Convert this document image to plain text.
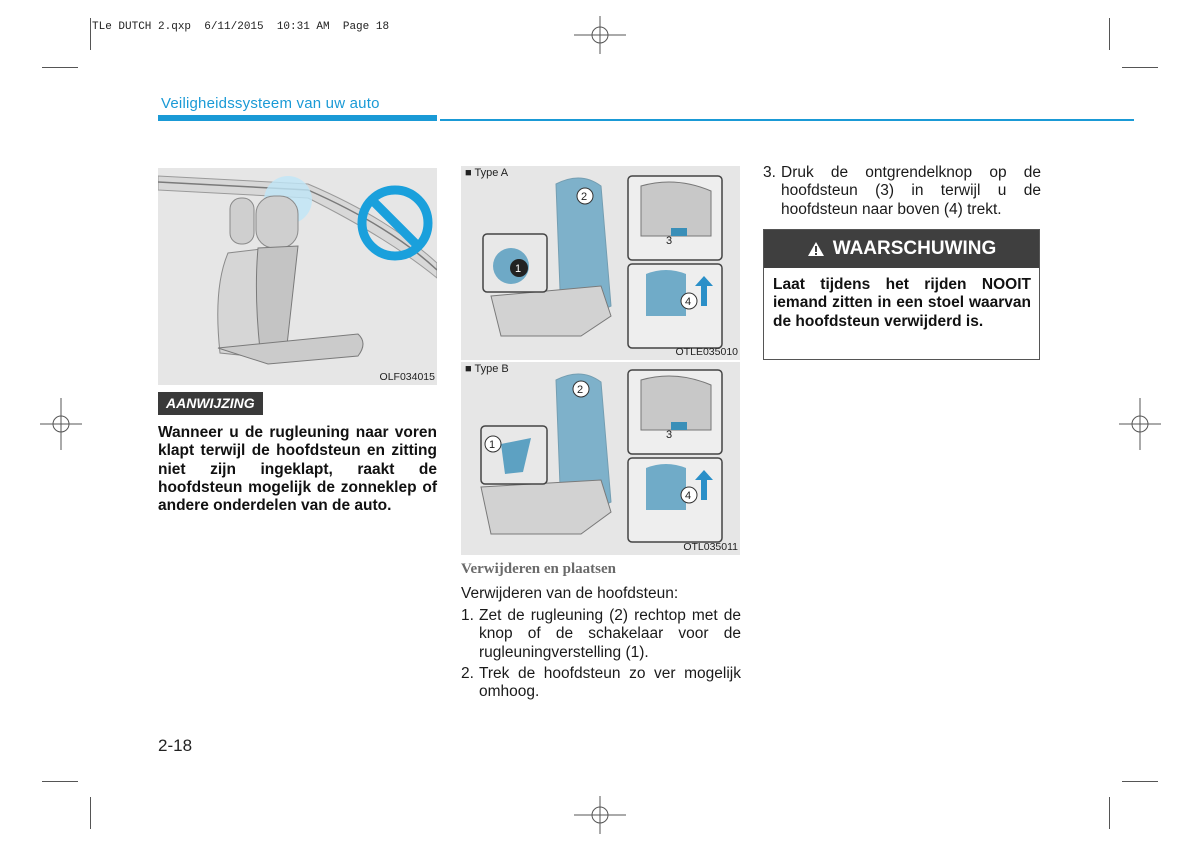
TLe DUTCH 2.qxp  6/11/2015  10:31 AM  Page 18
Veiligheidssysteem van uw auto
OLF034015
■ Type A
1
2
3
4
OTLE035010
■ Type B
1
2
3
4
OTL035011
AANWIJZING
Wanneer u de rugleuning naar voren klapt terwijl de hoofdsteun en zitting niet zijn ingeklapt, raakt de hoofdsteun mogelijk de zonneklep of andere onderdelen van de auto.
Verwijderen en plaatsen
Verwijderen van de hoofdsteun:
1. Zet de rugleuning (2) rechtop met de knop of de schakelaar voor de rugleuningverstelling (1).
2. Trek de hoofdsteun zo ver mogelijk omhoog.
3. Druk de ontgrendelknop op de hoofdsteun (3) in terwijl u de hoofdsteun naar boven (4) trekt.
WAARSCHUWING
Laat tijdens het rijden NOOIT iemand zitten in een stoel waarvan de hoofdsteun verwijderd is.
2-18
